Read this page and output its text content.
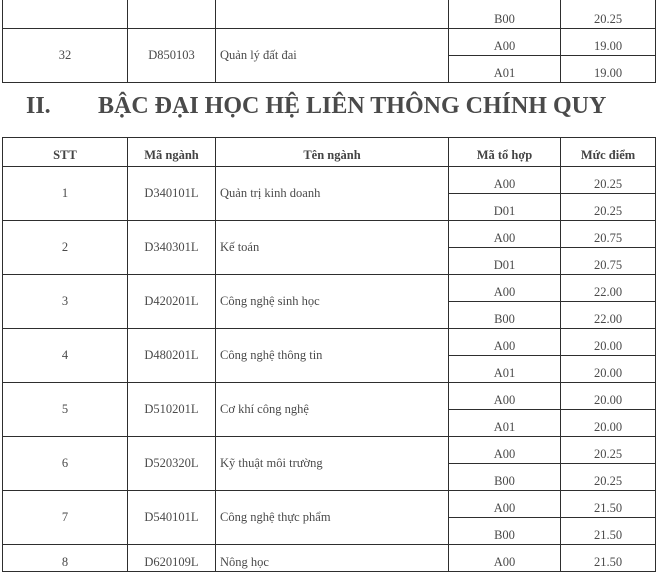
			B00	20.25
32	D850103	Quản lý đất đai	A00	19.00
			A01	19.00
II. BẬC ĐẠI HỌC HỆ LIÊN THÔNG CHÍNH QUY
STT	Mã ngành	Tên ngành	Mã tổ hợp	Mức điểm
1	D340101L	Quản trị kinh doanh	A00	20.25
			D01	20.25
2	D340301L	Kế toán	A00	20.75
			D01	20.75
3	D420201L	Công nghệ sinh học	A00	22.00
			B00	22.00
4	D480201L	Công nghệ thông tin	A00	20.00
			A01	20.00
5	D510201L	Cơ khí công nghệ	A00	20.00
			A01	20.00
6	D520320L	Kỹ thuật môi trường	A00	20.25
			B00	20.25
7	D540101L	Công nghệ thực phẩm	A00	21.50
			B00	21.50
8	D620109L	Nông học	A00	21.50
